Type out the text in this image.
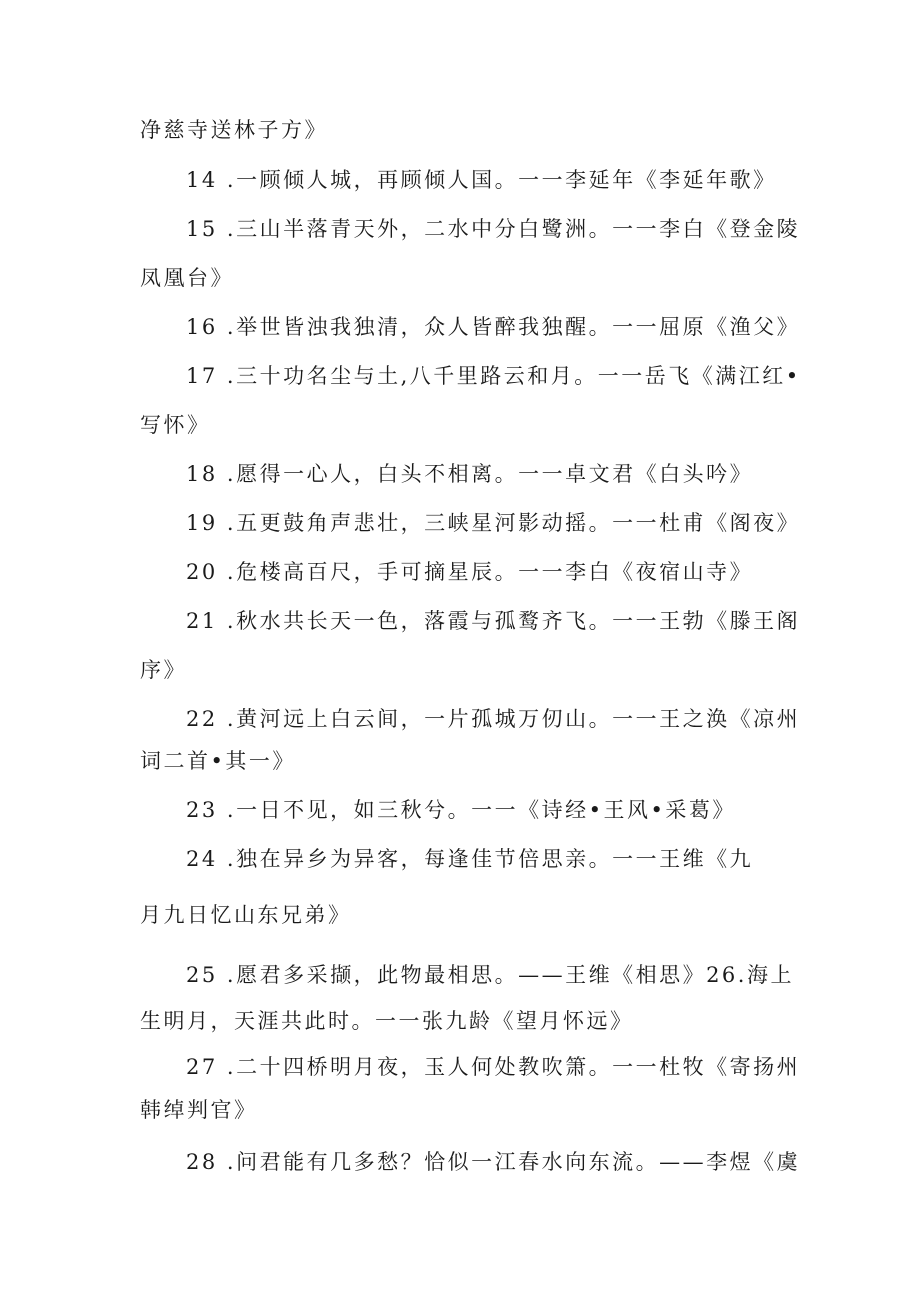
净慈寺送林子方》
14 .一顾倾人城，再顾倾人国。一一李延年《李延年歌》
15 .三山半落青天外，二水中分白鹭洲。一一李白《登金陵
凤凰台》
16 .举世皆浊我独清，众人皆醉我独醒。一一屈原《渔父》
17 .三十功名尘与土,八千里路云和月。一一岳飞《满江红•
写怀》
18 .愿得一心人，白头不相离。一一卓文君《白头吟》
19 .五更鼓角声悲壮，三峡星河影动摇。一一杜甫《阁夜》
20 .危楼高百尺，手可摘星辰。一一李白《夜宿山寺》
21 .秋水共长天一色，落霞与孤鹜齐飞。一一王勃《滕王阁
序》
22 .黄河远上白云间，一片孤城万仞山。一一王之涣《凉州
词二首•其一》
23 .一日不见，如三秋兮。一一《诗经•王风•采葛》
24 .独在异乡为异客，每逢佳节倍思亲。一一王维《九
月九日忆山东兄弟》
25 .愿君多采撷，此物最相思。——王维《相思》26.海上
生明月，天涯共此时。一一张九龄《望月怀远》
27 .二十四桥明月夜，玉人何处教吹箫。一一杜牧《寄扬州
韩绰判官》
28 .问君能有几多愁？恰似一江春水向东流。——李煜《虞
